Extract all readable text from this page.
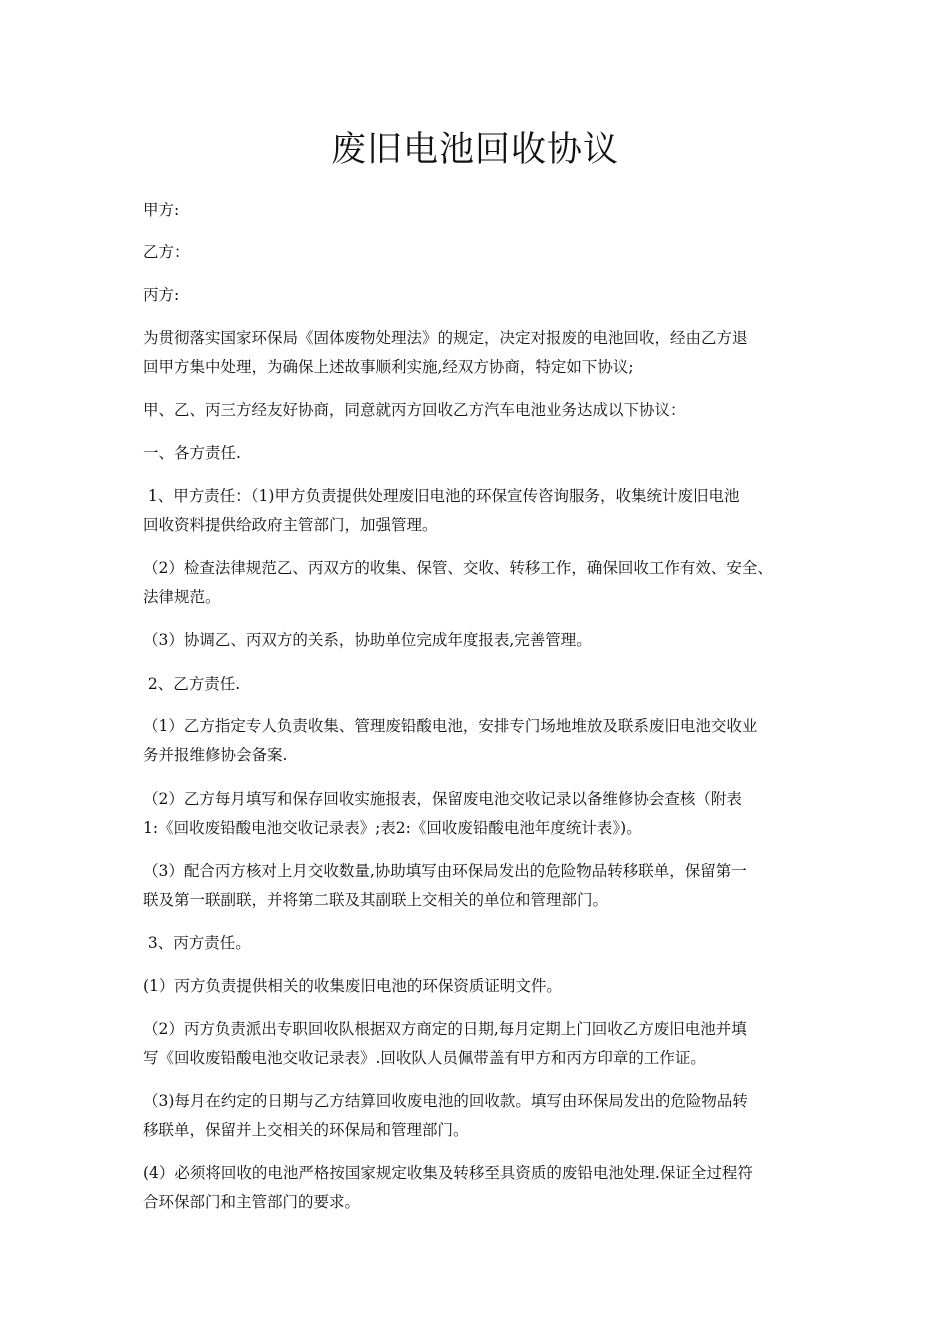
废旧电池回收协议

甲方:

乙方：

丙方:

为贯彻落实国家环保局《固体废物处理法》的规定，决定对报废的电池回收，经由乙方退
回甲方集中处理，为确保上述故事顺利实施,经双方协商，特定如下协议;

甲、乙、丙三方经友好协商，同意就丙方回收乙方汽车电池业务达成以下协议：

一、各方责任.

1、甲方责任：（1)甲方负责提供处理废旧电池的环保宣传咨询服务，收集统计废旧电池
回收资料提供给政府主管部门，加强管理。

（2）检查法律规范乙、丙双方的收集、保管、交收、转移工作，确保回收工作有效、安全、
法律规范。

（3）协调乙、丙双方的关系，协助单位完成年度报表,完善管理。

2、乙方责任.

（1）乙方指定专人负责收集、管理废铅酸电池，安排专门场地堆放及联系废旧电池交收业
务并报维修协会备案.

（2）乙方每月填写和保存回收实施报表，保留废电池交收记录以备维修协会查核（附表
1:《回收废铅酸电池交收记录表》;表2:《回收废铅酸电池年度统计表》)。

（3）配合丙方核对上月交收数量,协助填写由环保局发出的危险物品转移联单，保留第一
联及第一联副联，并将第二联及其副联上交相关的单位和管理部门。

3、丙方责任。

(1）丙方负责提供相关的收集废旧电池的环保资质证明文件。

（2）丙方负责派出专职回收队根据双方商定的日期,每月定期上门回收乙方废旧电池并填
写《回收废铅酸电池交收记录表》.回收队人员佩带盖有甲方和丙方印章的工作证。

（3)每月在约定的日期与乙方结算回收废电池的回收款。填写由环保局发出的危险物品转
移联单，保留并上交相关的环保局和管理部门。

(4）必须将回收的电池严格按国家规定收集及转移至具资质的废铅电池处理.保证全过程符
合环保部门和主管部门的要求。
